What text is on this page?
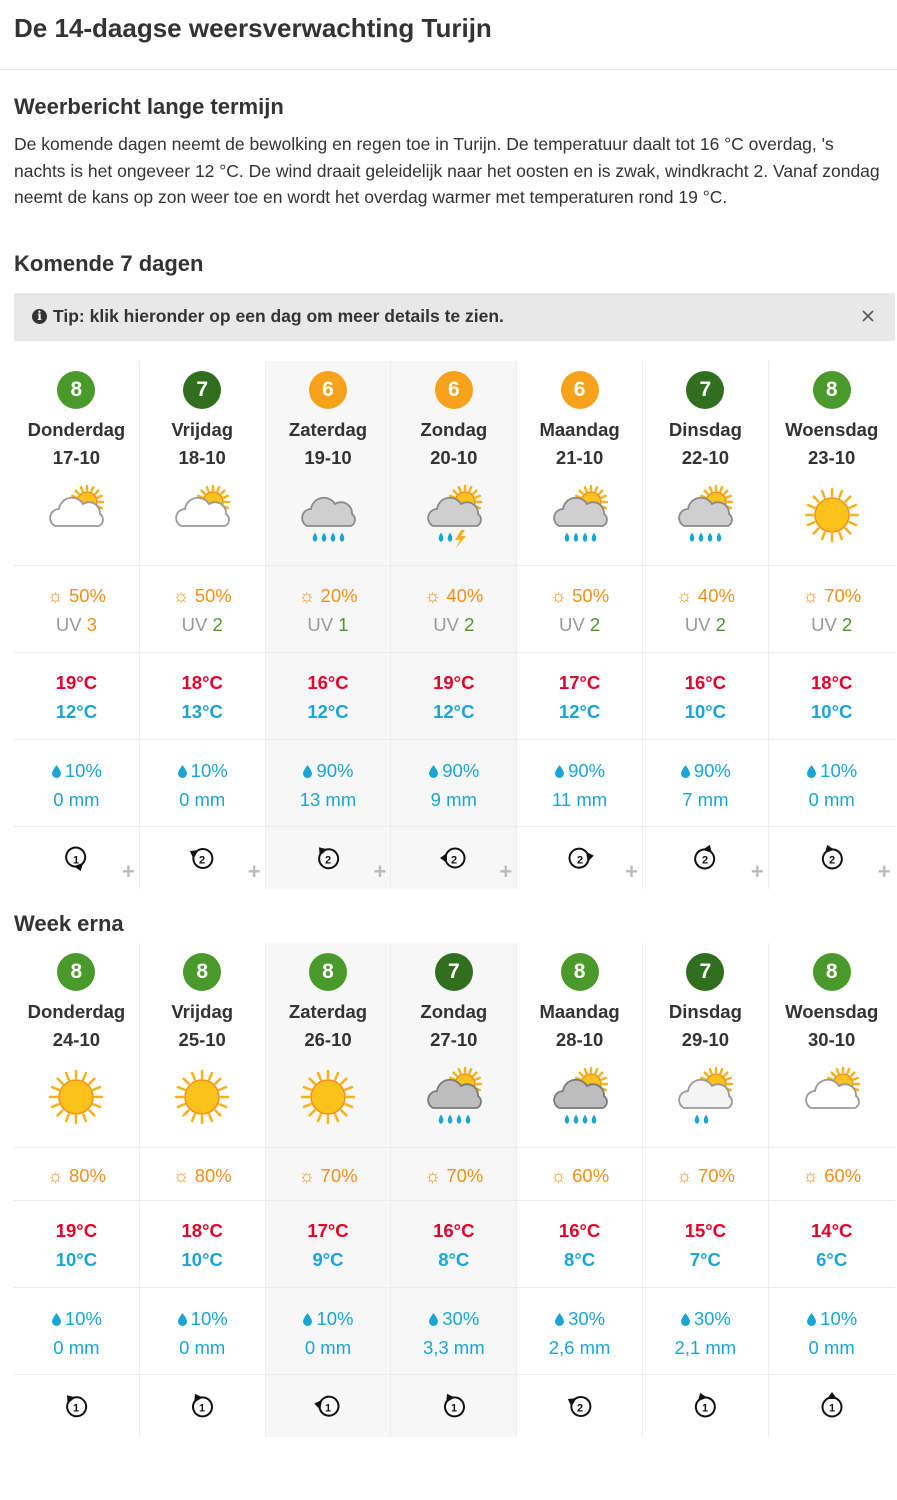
De 14-daagse weersverwachting Turijn
Weerbericht lange termijn

De komende dagen neemt de bewolking en regen toe in Turijn. De temperatuur daalt tot 16 °C overdag, 's nachts is het ongeveer 12 °C. De wind draait geleidelijk naar het oosten en is zwak, windkracht 2. Vanaf zondag neemt de kans op zon weer toe en wordt het overdag warmer met temperaturen rond 19 °C.

Komende 7 dagen
i Tip: klik hieronder op een dag om meer details te zien.
8
Donderdag
17-10
☼ 50%
UV 3
19°C
12°C
10%
0 mm
1 +
7
Vrijdag
18-10
☼ 50%
UV 2
18°C
13°C
10%
0 mm
2 +
6
Zaterdag
19-10
☼ 20%
UV 1
16°C
12°C
90%
13 mm
2 +
6
Zondag
20-10
☼ 40%
UV 2
19°C
12°C
90%
9 mm
2 +
6
Maandag
21-10
☼ 50%
UV 2
17°C
12°C
90%
11 mm
2 +
7
Dinsdag
22-10
☼ 40%
UV 2
16°C
10°C
90%
7 mm
2 +
8
Woensdag
23-10
☼ 70%
UV 2
18°C
10°C
10%
0 mm
2 +
Week erna
8
Donderdag
24-10
☼ 80%
19°C
10°C
10%
0 mm
1
8
Vrijdag
25-10
☼ 80%
18°C
10°C
10%
0 mm
1
8
Zaterdag
26-10
☼ 70%
17°C
9°C
10%
0 mm
1
7
Zondag
27-10
☼ 70%
16°C
8°C
30%
3,3 mm
1
8
Maandag
28-10
☼ 60%
16°C
8°C
30%
2,6 mm
2
7
Dinsdag
29-10
☼ 70%
15°C
7°C
30%
2,1 mm
1
8
Woensdag
30-10
☼ 60%
14°C
6°C
10%
0 mm
1
